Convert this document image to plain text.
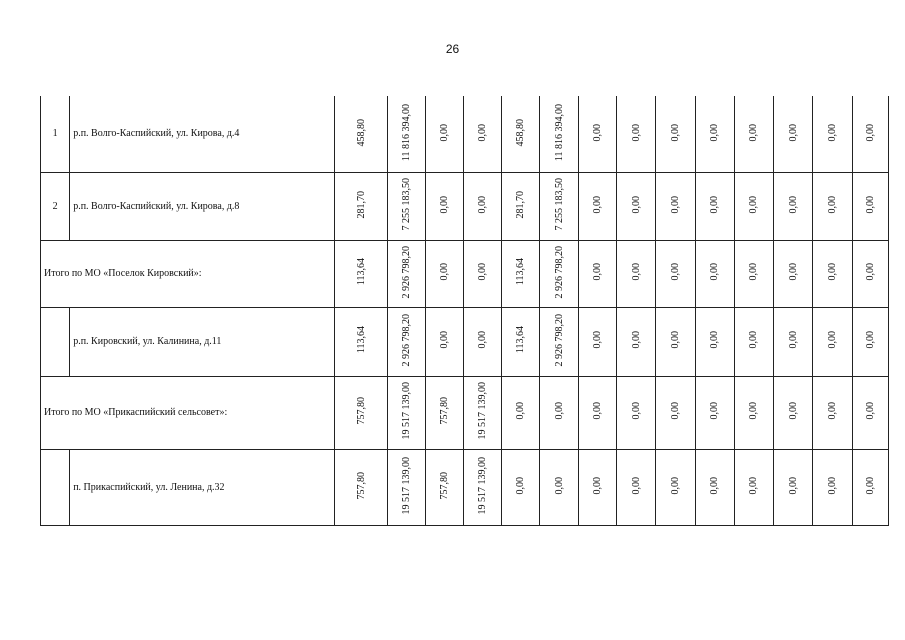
26
1	р.п. Волго-Каспийский, ул. Кирова, д.4	458,80	11 816 394,00	0,00	0,00	458,80	11 816 394,00	0,00	0,00	0,00	0,00	0,00	0,00	0,00	0,00
2	р.п. Волго-Каспийский, ул. Кирова, д.8	281,70	7 255 183,50	0,00	0,00	281,70	7 255 183,50	0,00	0,00	0,00	0,00	0,00	0,00	0,00	0,00
Итого по МО «Поселок Кировский»:		113,64	2 926 798,20	0,00	0,00	113,64	2 926 798,20	0,00	0,00	0,00	0,00	0,00	0,00	0,00	0,00
	р.п. Кировский, ул. Калинина, д.11	113,64	2 926 798,20	0,00	0,00	113,64	2 926 798,20	0,00	0,00	0,00	0,00	0,00	0,00	0,00	0,00
Итого по МО «Прикаспийский сельсовет»:		757,80	19 517 139,00	757,80	19 517 139,00	0,00	0,00	0,00	0,00	0,00	0,00	0,00	0,00	0,00	0,00
	п. Прикаспийский, ул. Ленина, д.32	757,80	19 517 139,00	757,80	19 517 139,00	0,00	0,00	0,00	0,00	0,00	0,00	0,00	0,00	0,00	0,00
